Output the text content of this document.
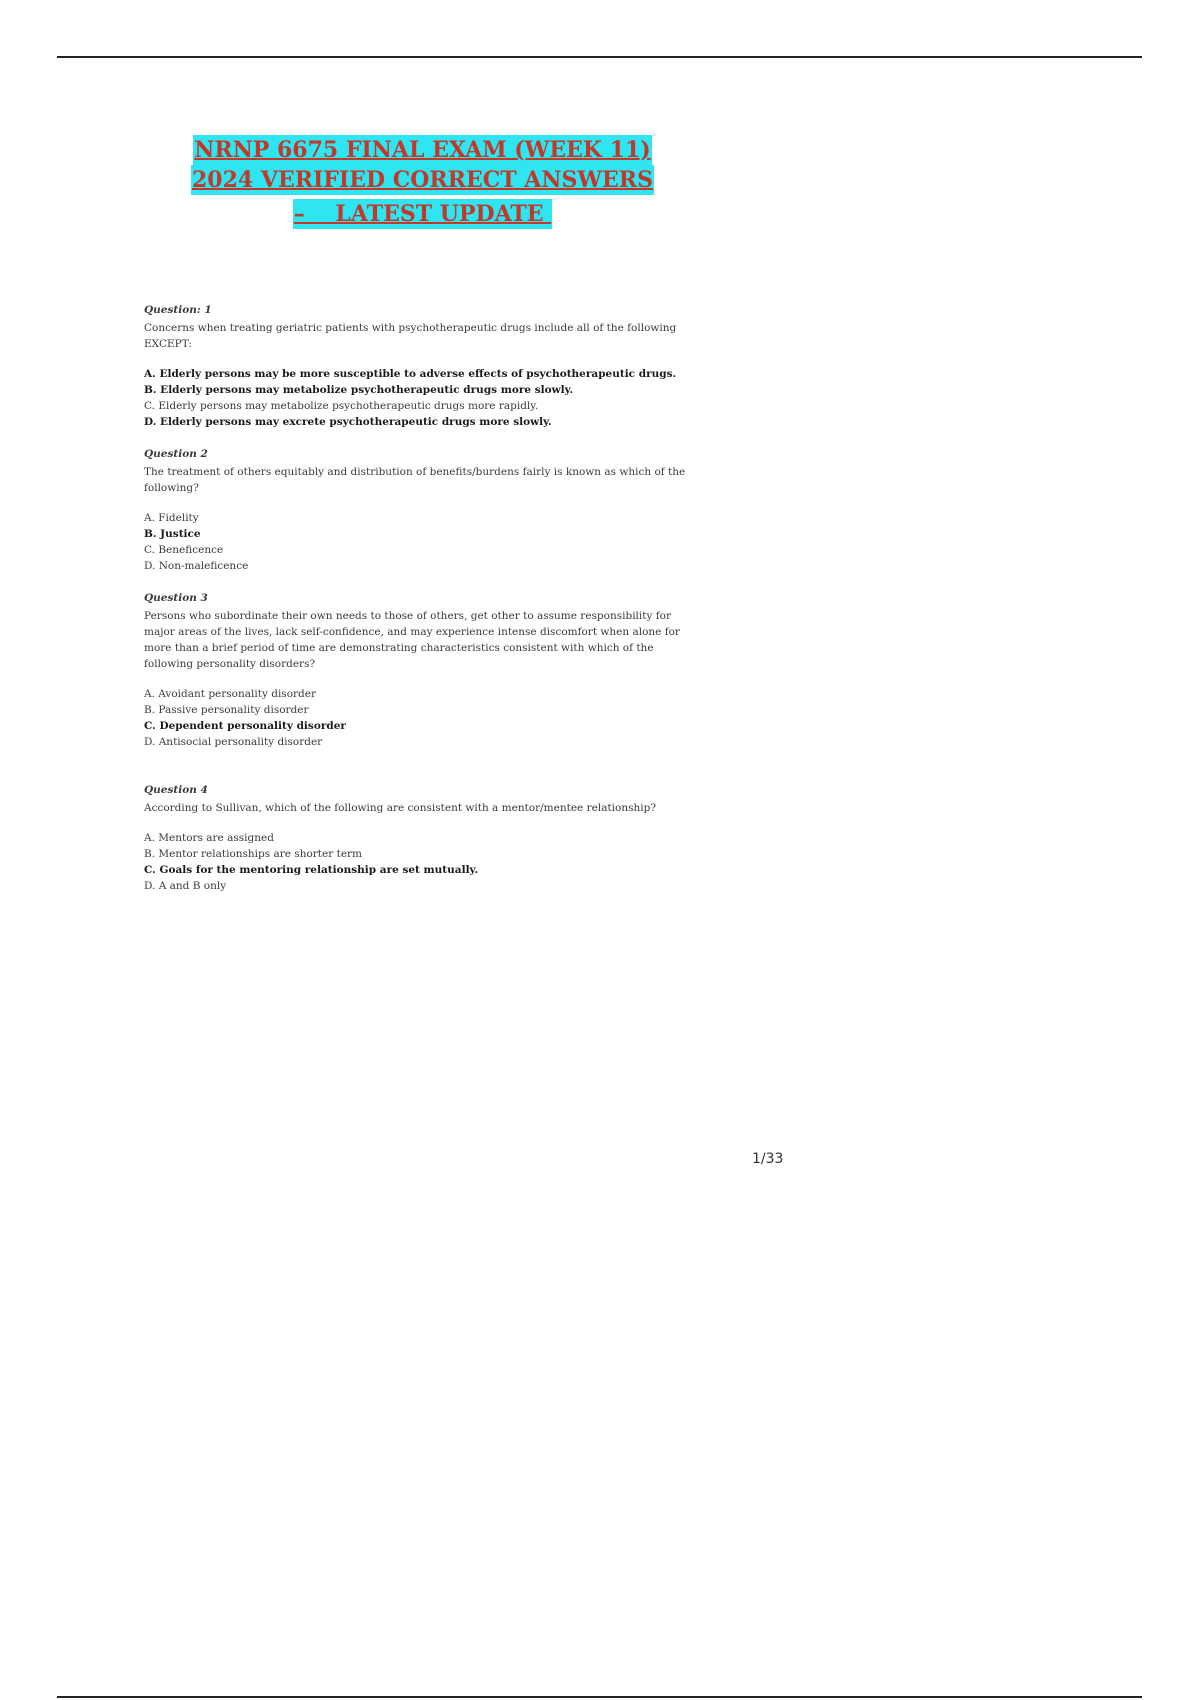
NRNP 6675 FINAL EXAM (WEEK 11)
2024 VERIFIED CORRECT ANSWERS
–    LATEST UPDATE

Question: 1

Concerns when treating geriatric patients with psychotherapeutic drugs include all of the following EXCEPT:

A. Elderly persons may be more susceptible to adverse effects of psychotherapeutic drugs.

B. Elderly persons may metabolize psychotherapeutic drugs more slowly.

C. Elderly persons may metabolize psychotherapeutic drugs more rapidly.

D. Elderly persons may excrete psychotherapeutic drugs more slowly.

Question 2

The treatment of others equitably and distribution of benefits/burdens fairly is known as which of the following?

A. Fidelity

B. Justice

C. Beneficence

D. Non-maleficence

Question 3

Persons who subordinate their own needs to those of others, get other to assume responsibility for major areas of the lives, lack self-confidence, and may experience intense discomfort when alone for more than a brief period of time are demonstrating characteristics consistent with which of the following personality disorders?

A. Avoidant personality disorder

B. Passive personality disorder

C. Dependent personality disorder

D. Antisocial personality disorder

Question 4

According to Sullivan, which of the following are consistent with a mentor/mentee relationship?

A. Mentors are assigned

B. Mentor relationships are shorter term

C. Goals for the mentoring relationship are set mutually.

D. A and B only

1/33
